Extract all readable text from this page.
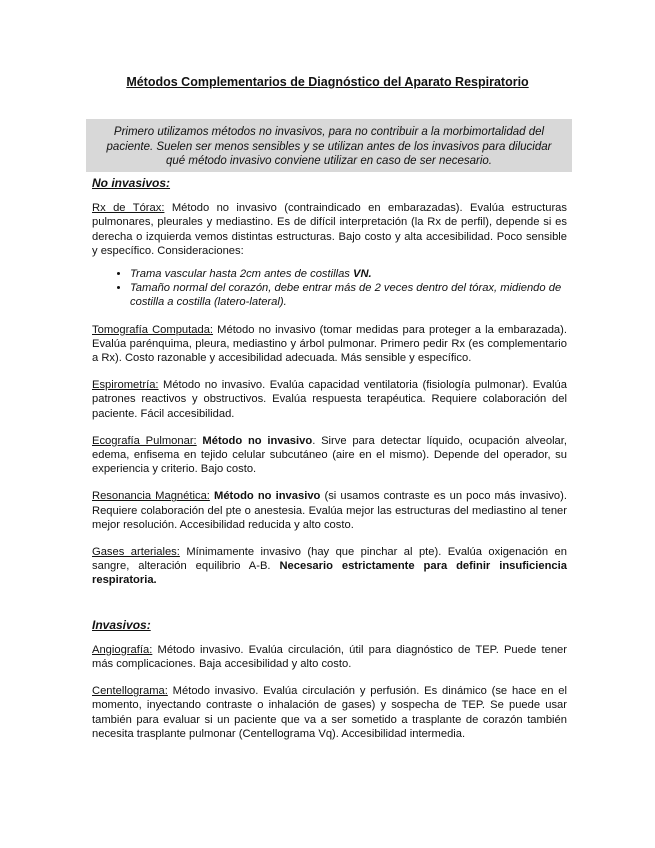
Métodos Complementarios de Diagnóstico del Aparato Respiratorio
Primero utilizamos métodos no invasivos, para no contribuir a la morbimortalidad del paciente. Suelen ser menos sensibles y se utilizan antes de los invasivos para dilucidar qué método invasivo conviene utilizar en caso de ser necesario.

No invasivos:

Rx de Tórax: Método no invasivo (contraindicado en embarazadas). Evalúa estructuras pulmonares, pleurales y mediastino. Es de difícil interpretación (la Rx de perfil), depende si es derecha o izquierda vemos distintas estructuras. Bajo costo y alta accesibilidad. Poco sensible y específico. Consideraciones:

• Trama vascular hasta 2cm antes de costillas VN.
• Tamaño normal del corazón, debe entrar más de 2 veces dentro del tórax, midiendo de costilla a costilla (latero-lateral).

Tomografía Computada: Método no invasivo (tomar medidas para proteger a la embarazada). Evalúa parénquima, pleura, mediastino y árbol pulmonar. Primero pedir Rx (es complementario a Rx). Costo razonable y accesibilidad adecuada. Más sensible y específico.

Espirometría: Método no invasivo. Evalúa capacidad ventilatoria (fisiología pulmonar). Evalúa patrones reactivos y obstructivos. Evalúa respuesta terapéutica. Requiere colaboración del paciente. Fácil accesibilidad.

Ecografía Pulmonar: Método no invasivo. Sirve para detectar líquido, ocupación alveolar, edema, enfisema en tejido celular subcutáneo (aire en el mismo). Depende del operador, su experiencia y criterio. Bajo costo.

Resonancia Magnética: Método no invasivo (si usamos contraste es un poco más invasivo). Requiere colaboración del pte o anestesia. Evalúa mejor las estructuras del mediastino al tener mejor resolución. Accesibilidad reducida y alto costo.

Gases arteriales: Mínimamente invasivo (hay que pinchar al pte). Evalúa oxigenación en sangre, alteración equilibrio A-B. Necesario estrictamente para definir insuficiencia respiratoria.

Invasivos:

Angiografía: Método invasivo. Evalúa circulación, útil para diagnóstico de TEP. Puede tener más complicaciones. Baja accesibilidad y alto costo.

Centellograma: Método invasivo. Evalúa circulación y perfusión. Es dinámico (se hace en el momento, inyectando contraste o inhalación de gases) y sospecha de TEP. Se puede usar también para evaluar si un paciente que va a ser sometido a trasplante de corazón también necesita trasplante pulmonar (Centellograma Vq). Accesibilidad intermedia.
